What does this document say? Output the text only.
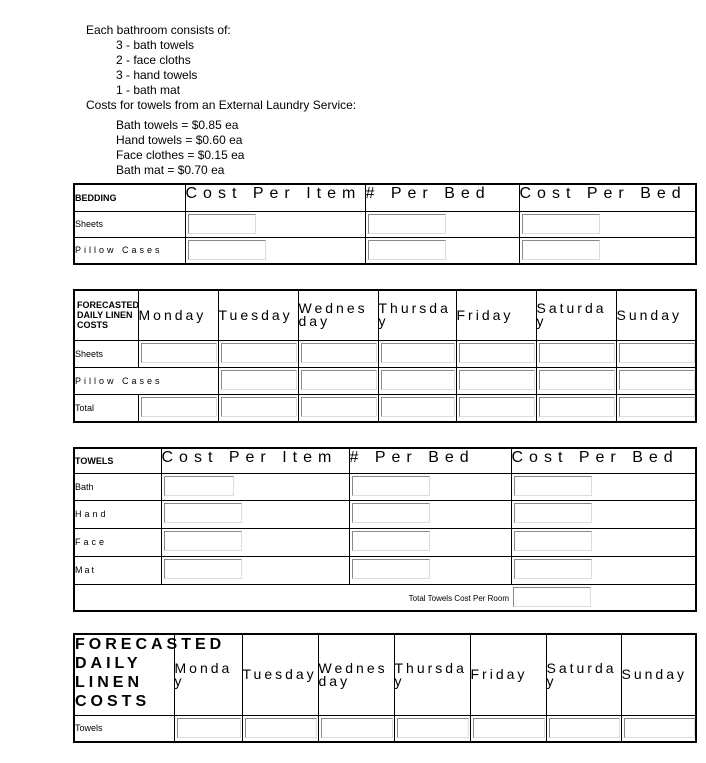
Each bathroom consists of:
3 - bath towels
2 - face cloths
3 - hand towels
1 - bath mat
Costs for towels from an External Laundry Service:
Bath towels = $0.85 ea
Hand towels = $0.60 ea
Face clothes = $0.15 ea
Bath mat = $0.70 ea
BEDDING	Cost Per Item	# Per Bed	Cost Per Bed
Sheets	

Pillow Cases	

FORECASTED DAILY LINEN COSTS	Monday	Tuesday	Wednesday	Thursday	Friday	Saturday	Sunday
Sheets	

Pillow Cases		

Total	

TOWELS	Cost Per Item	# Per Bed	Cost Per Bed
Bath	

Hand	

Face	

Mat	

Total Towels Cost Per Room			
FORECASTED DAILY LINEN COSTS	Monday	Tuesday	Wednesday	Thursday	Friday	Saturday	Sunday
Towels	
